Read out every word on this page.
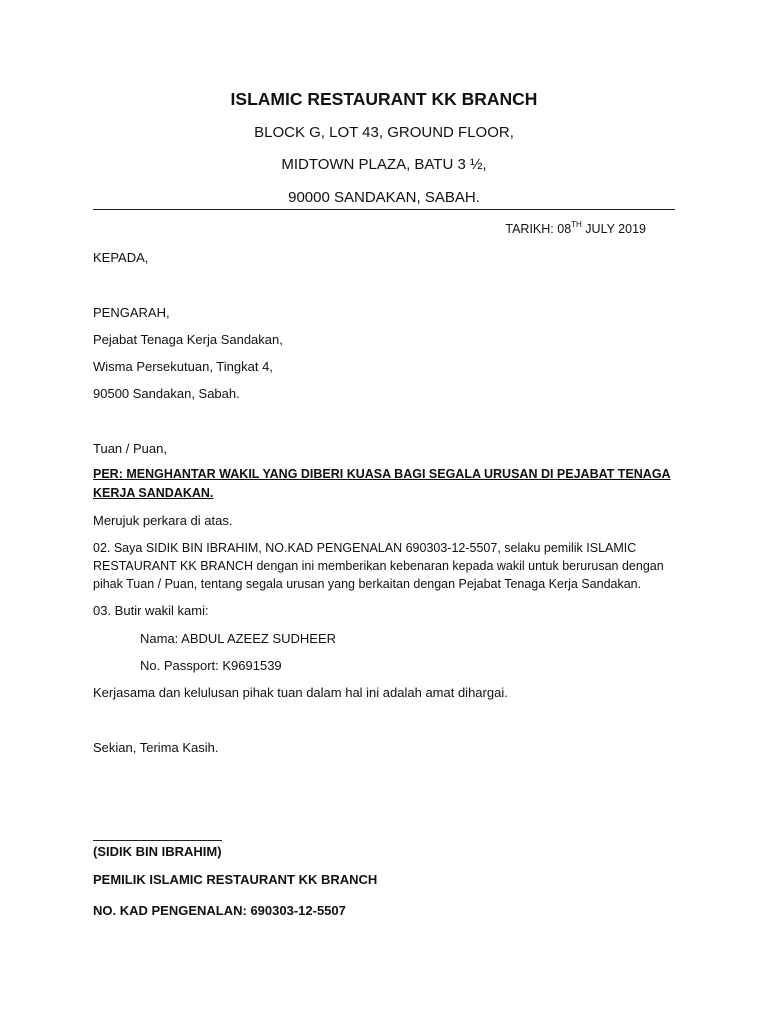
ISLAMIC RESTAURANT KK BRANCH
BLOCK G, LOT 43, GROUND FLOOR,
MIDTOWN PLAZA, BATU 3 ½,
90000 SANDAKAN, SABAH.
TARIKH: 08TH JULY 2019
KEPADA,
PENGARAH,
Pejabat Tenaga Kerja Sandakan,
Wisma Persekutuan, Tingkat 4,
90500 Sandakan, Sabah.
Tuan / Puan,
PER: MENGHANTAR WAKIL YANG DIBERI KUASA BAGI SEGALA URUSAN DI PEJABAT TENAGA
KERJA SANDAKAN.
Merujuk perkara di atas.
02. Saya SIDIK BIN IBRAHIM, NO.KAD PENGENALAN 690303-12-5507, selaku pemilik ISLAMIC
RESTAURANT KK BRANCH dengan ini memberikan kebenaran kepada wakil untuk berurusan dengan
pihak Tuan / Puan, tentang segala urusan yang berkaitan dengan Pejabat Tenaga Kerja Sandakan.
03. Butir wakil kami:
Nama: ABDUL AZEEZ SUDHEER
No. Passport: K9691539
Kerjasama dan kelulusan pihak tuan dalam hal ini adalah amat dihargai.
Sekian, Terima Kasih.
(SIDIK BIN IBRAHIM)
PEMILIK ISLAMIC RESTAURANT KK BRANCH
NO. KAD PENGENALAN: 690303-12-5507
